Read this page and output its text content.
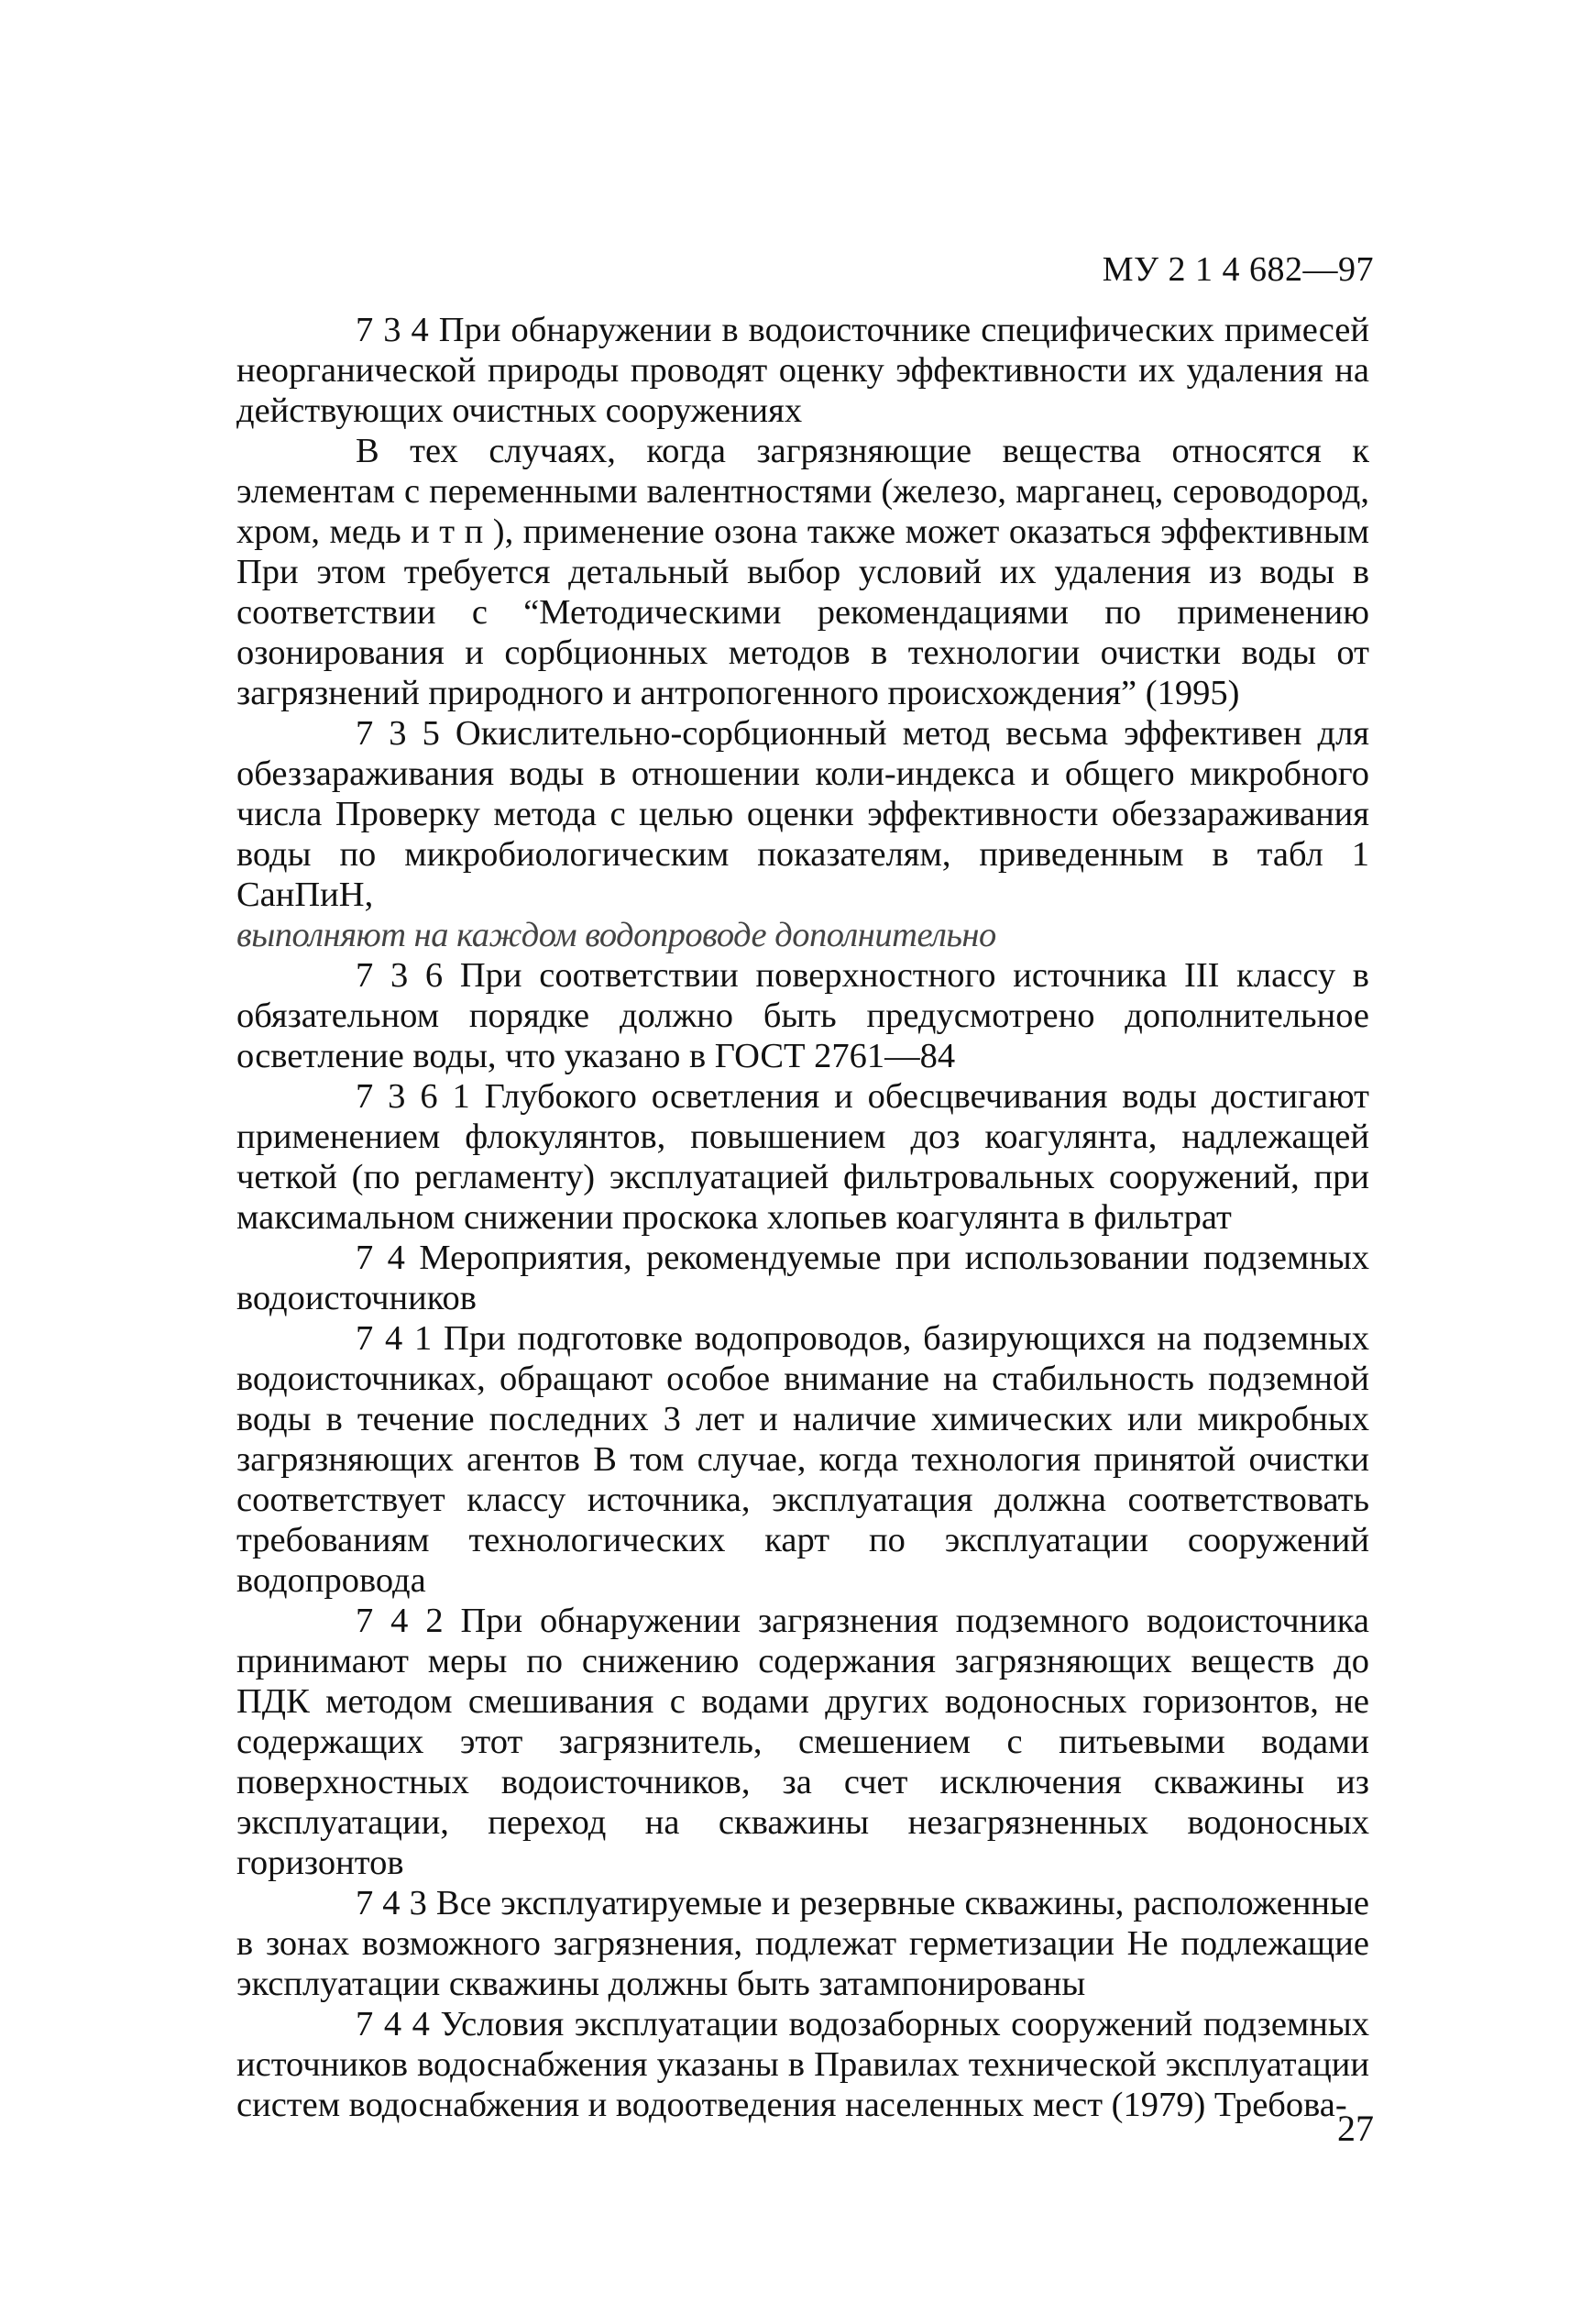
МУ 2 1 4 682—97

7 3 4 При обнаружении в водоисточнике специфических примесей неорганической природы проводят оценку эффективности их удаления на действующих очистных сооружениях

В тех случаях, когда загрязняющие вещества относятся к элементам с переменными валентностями (железо, марганец, сероводород, хром, медь и т п ), применение озона также может оказаться эффективным При этом требуется детальный выбор условий их удаления из воды в соответствии с “Методическими рекомендациями по применению озонирования и сорбционных методов в технологии очистки воды от загрязнений природного и антропогенного происхождения” (1995)

7 3 5 Окислительно-сорбционный метод весьма эффективен для обеззараживания воды в отношении коли-индекса и общего микробного числа Проверку метода с целью оценки эффективности обеззараживания воды по микробиологическим показателям, приведенным в табл 1 СанПиН,

выполняют на каждом водопроводе дополнительно

7 3 6 При соответствии поверхностного источника III классу в обязательном порядке должно быть предусмотрено дополнительное осветление воды, что указано в ГОСТ 2761—84

7 3 6 1 Глубокого осветления и обесцвечивания воды достигают применением флокулянтов, повышением доз коагулянта, надлежащей четкой (по регламенту) эксплуатацией фильтровальных сооружений, при максимальном снижении проскока хлопьев коагулянта в фильтрат

7 4 Мероприятия, рекомендуемые при использовании подземных водоисточников

7 4 1 При подготовке водопроводов, базирующихся на подземных водоисточниках, обращают особое внимание на стабильность подземной воды в течение последних 3 лет и наличие химических или микробных загрязняющих агентов В том случае, когда технология принятой очистки соответствует классу источника, эксплуатация должна соответствовать требованиям технологических карт по эксплуатации сооружений водопровода

7 4 2 При обнаружении загрязнения подземного водоисточника принимают меры по снижению содержания загрязняющих веществ до ПДК методом смешивания с водами других водоносных горизонтов, не содержащих этот загрязнитель, смешением с питьевыми водами поверхностных водоисточников, за счет исключения скважины из эксплуатации, переход на скважины незагрязненных водоносных горизонтов

7 4 3 Все эксплуатируемые и резервные скважины, расположенные в зонах возможного загрязнения, подлежат герметизации Не подлежащие эксплуатации скважины должны быть затампонированы

7 4 4 Условия эксплуатации водозаборных сооружений подземных источников водоснабжения указаны в Правилах технической эксплуатации систем водоснабжения и водоотведения населенных мест (1979) Требова-

27
